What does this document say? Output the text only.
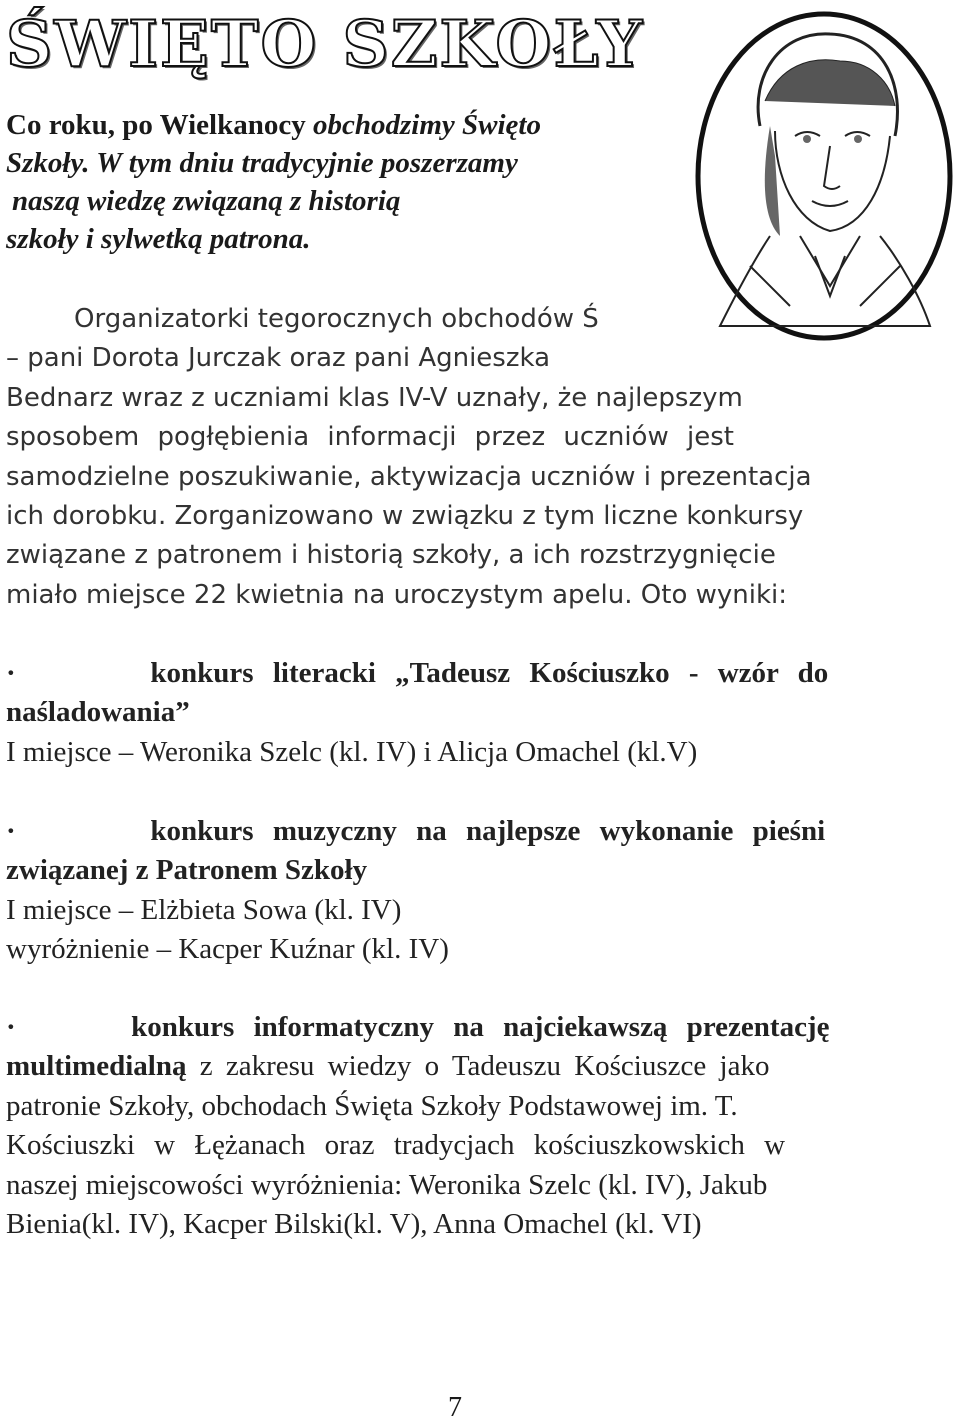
ŚWIĘTO SZKOŁY
Co roku, po Wielkanocy obchodzimy Święto
Szkoły. W tym dniu tradycyjnie poszerzamy
naszą wiedzę związaną z historią
szkoły i sylwetką patrona.
Organizatorki tegorocznych obchodów Ś
– pani Dorota Jurczak oraz pani Agnieszka
Bednarz wraz z uczniami klas IV-V uznały, że najlepszym
sposobem pogłębienia informacji przez uczniów jest
samodzielne poszukiwanie, aktywizacja uczniów i prezentacja
ich dorobku. Zorganizowano w związku z tym liczne konkursy
związane z patronem i historią szkoły, a ich rozstrzygnięcie
miało miejsce 22 kwietnia na uroczystym apelu. Oto wyniki:
·	konkurs literacki „Tadeusz Kościuszko - wzór do
naśladowania”
I miejsce – Weronika Szelc (kl. IV) i Alicja Omachel (kl.V)
·	konkurs muzyczny na najlepsze wykonanie pieśni
związanej z Patronem Szkoły
I miejsce – Elżbieta Sowa (kl. IV)
wyróżnienie – Kacper Kuźnar (kl. IV)
·	konkurs informatyczny na najciekawszą prezentację
multimedialną z zakresu wiedzy o Tadeuszu Kościuszce jako
patronie Szkoły, obchodach Święta Szkoły Podstawowej im. T.
Kościuszki w Łężanach oraz tradycjach kościuszkowskich w
naszej miejscowości wyróżnienia: Weronika Szelc (kl. IV), Jakub
Bienia(kl. IV), Kacper Bilski(kl. V), Anna Omachel (kl. VI)
7
